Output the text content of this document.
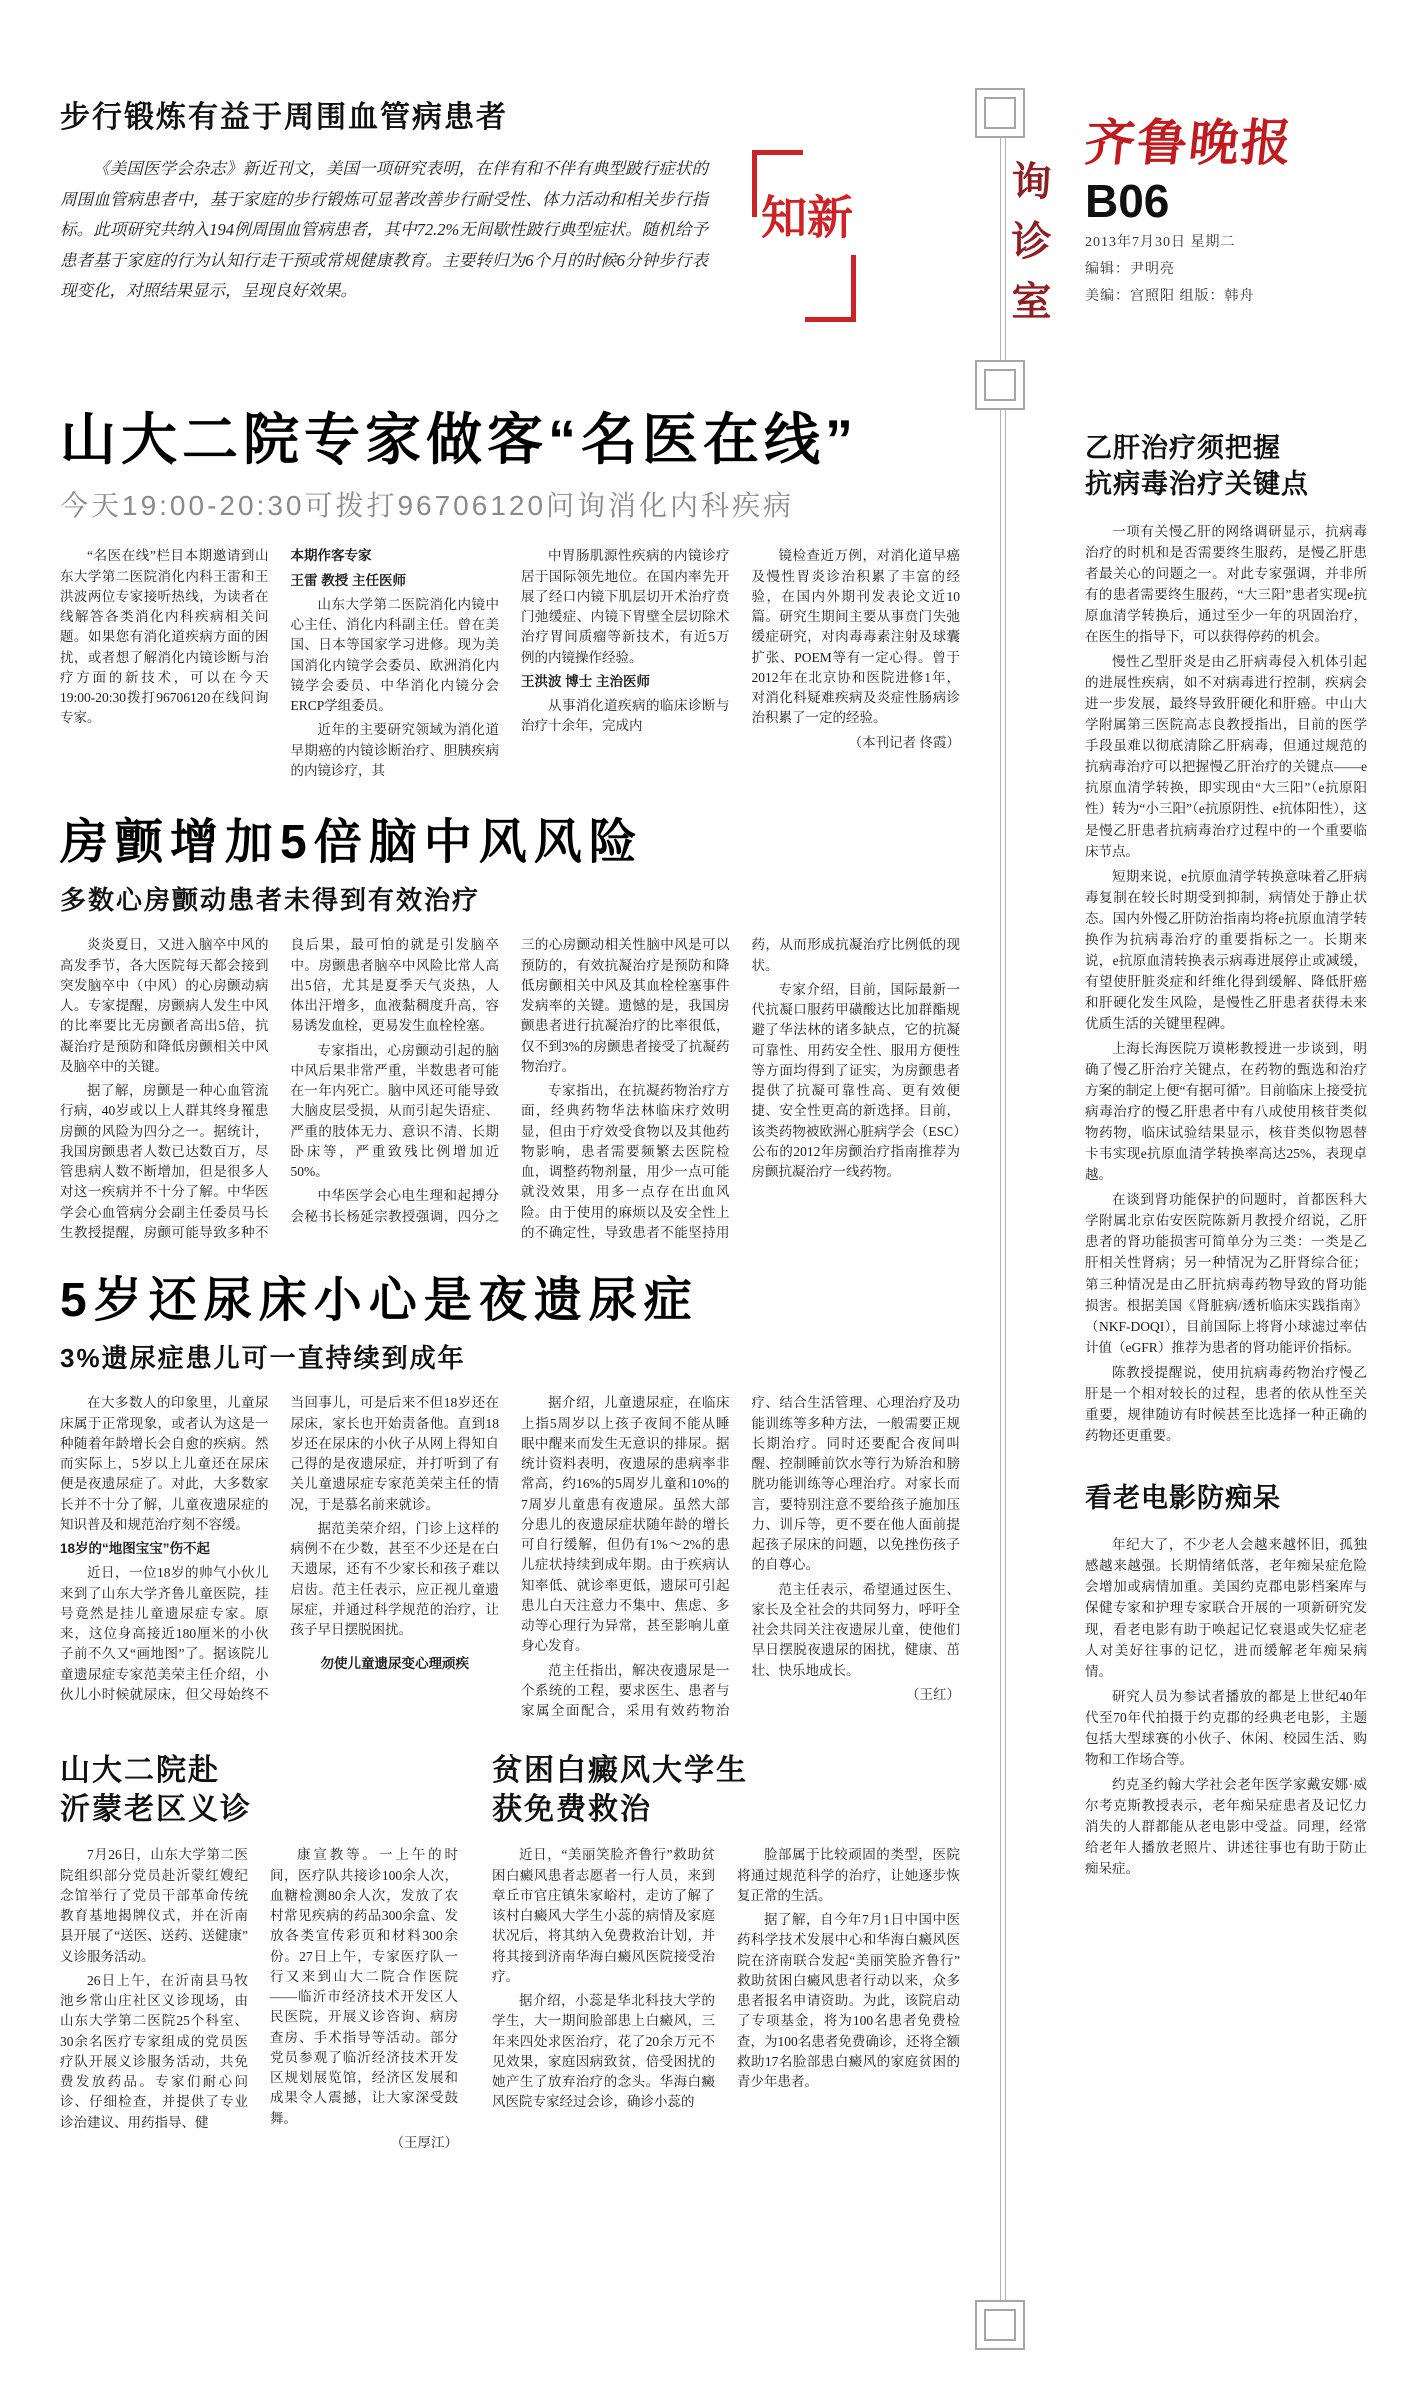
步行锻炼有益于周围血管病患者

《美国医学会杂志》新近刊文，美国一项研究表明，在伴有和不伴有典型跛行症状的周围血管病患者中，基于家庭的步行锻炼可显著改善步行耐受性、体力活动和相关步行指标。此项研究共纳入194例周围血管病患者，其中72.2%无间歇性跛行典型症状。随机给予患者基于家庭的行为认知行走干预或常规健康教育。主要转归为6个月的时候6分钟步行表现变化，对照结果显示，呈现良好效果。

新知	询诊室
齐鲁晚报
B06
2013年7月30日 星期二
编辑：尹明亮
美编：宫照阳 组版：韩舟
山大二院专家做客“名医在线”
今天19:00-20:30可拨打96706120问询消化内科疾病

“名医在线”栏目本期邀请到山东大学第二医院消化内科王雷和王洪波两位专家接听热线，为读者在线解答各类消化内科疾病相关问题。如果您有消化道疾病方面的困扰，或者想了解消化内镜诊断与治疗方面的新技术，可以在今天19:00-20:30拨打96706120在线问询专家。

本期作客专家

王雷 教授 主任医师

山东大学第二医院消化内镜中心主任、消化内科副主任。曾在美国、日本等国家学习进修。现为美国消化内镜学会委员、欧洲消化内镜学会委员、中华消化内镜分会ERCP学组委员。

近年的主要研究领域为消化道早期癌的内镜诊断治疗、胆胰疾病的内镜诊疗，其

中胃肠肌源性疾病的内镜诊疗居于国际领先地位。在国内率先开展了经口内镜下肌层切开术治疗贲门弛缓症、内镜下胃壁全层切除术治疗胃间质瘤等新技术，有近5万例的内镜操作经验。

王洪波 博士 主治医师

从事消化道疾病的临床诊断与治疗十余年，完成内

镜检查近万例，对消化道早癌及慢性胃炎诊治积累了丰富的经验，在国内外期刊发表论文近10篇。研究生期间主要从事贲门失弛缓症研究，对肉毒毒素注射及球囊扩张、POEM等有一定心得。曾于2012年在北京协和医院进修1年，对消化科疑难疾病及炎症性肠病诊治积累了一定的经验。

（本刊记者 佟霞）

房颤增加5倍脑中风风险
多数心房颤动患者未得到有效治疗

炎炎夏日，又进入脑卒中风的高发季节，各大医院每天都会接到突发脑卒中（中风）的心房颤动病人。专家提醒，房颤病人发生中风的比率要比无房颤者高出5倍，抗凝治疗是预防和降低房颤相关中风及脑卒中的关键。

据了解，房颤是一种心血管流行病，40岁或以上人群其终身罹患房颤的风险为四分之一。据统计，我国房颤患者人数已达数百万，尽管患病人数不断增加，但是很多人对这一疾病并不十分了解。中华医学会心血管病分会副主任委员马长生教授提醒，房颤可能导致多种不良后果，最可怕的就是引发脑卒中。房颤患者脑卒中风险比常人高出5倍，尤其是夏季天气炎热，人体出汗增多，血液黏稠度升高，容易诱发血栓，更易发生血栓栓塞。

专家指出，心房颤动引起的脑中风后果非常严重，半数患者可能在一年内死亡。脑中风还可能导致大脑皮层受损，从而引起失语症、严重的肢体无力、意识不清、长期卧床等，严重致残比例增加近50%。

中华医学会心电生理和起搏分会秘书长杨延宗教授强调，四分之三的心房颤动相关性脑中风是可以预防的，有效抗凝治疗是预防和降低房颤相关中风及其血栓栓塞事件发病率的关键。遗憾的是，我国房颤患者进行抗凝治疗的比率很低，仅不到3%的房颤患者接受了抗凝药物治疗。

专家指出，在抗凝药物治疗方面，经典药物华法林临床疗效明显，但由于疗效受食物以及其他药物影响，患者需要频繁去医院检血，调整药物剂量，用少一点可能就没效果，用多一点存在出血风险。由于使用的麻烦以及安全性上的不确定性，导致患者不能坚持用药，从而形成抗凝治疗比例低的现状。

专家介绍，目前，国际最新一代抗凝口服药甲磺酸达比加群酯规避了华法林的诸多缺点，它的抗凝可靠性、用药安全性、服用方便性等方面均得到了证实，为房颤患者提供了抗凝可靠性高、更有效便捷、安全性更高的新选择。目前，该类药物被欧洲心脏病学会（ESC）公布的2012年房颤治疗指南推荐为房颤抗凝治疗一线药物。

5岁还尿床小心是夜遗尿症
3%遗尿症患儿可一直持续到成年

在大多数人的印象里，儿童尿床属于正常现象，或者认为这是一种随着年龄增长会自愈的疾病。然而实际上，5岁以上儿童还在尿床便是夜遗尿症了。对此，大多数家长并不十分了解，儿童夜遗尿症的知识普及和规范治疗刻不容缓。

18岁的“地图宝宝”伤不起

近日，一位18岁的帅气小伙儿来到了山东大学齐鲁儿童医院，挂号竟然是挂儿童遗尿症专家。原来，这位身高接近180厘米的小伙子前不久又“画地图”了。据该院儿童遗尿症专家范美荣主任介绍，小伙儿小时候就尿床，但父母始终不当回事儿，可是后来不但18岁还在尿床，家长也开始责备他。直到18岁还在尿床的小伙子从网上得知自己得的是夜遗尿症，并打听到了有关儿童遗尿症专家范美荣主任的情况，于是慕名前来就诊。

据范美荣介绍，门诊上这样的病例不在少数，甚至不少还是在白天遗尿，还有不少家长和孩子难以启齿。范主任表示，应正视儿童遗尿症，并通过科学规范的治疗，让孩子早日摆脱困扰。

勿使儿童遗尿变心理顽疾

据介绍，儿童遗尿症，在临床上指5周岁以上孩子夜间不能从睡眠中醒来而发生无意识的排尿。据统计资料表明，夜遗尿的患病率非常高，约16%的5周岁儿童和10%的7周岁儿童患有夜遗尿。虽然大部分患儿的夜遗尿症状随年龄的增长可自行缓解，但仍有1%～2%的患儿症状持续到成年期。由于疾病认知率低、就诊率更低，遗尿可引起患儿白天注意力不集中、焦虑、多动等心理行为异常，甚至影响儿童身心发育。

范主任指出，解决夜遗尿是一个系统的工程，要求医生、患者与家属全面配合，采用有效药物治疗、结合生活管理、心理治疗及功能训练等多种方法，一般需要正规长期治疗。同时还要配合夜间叫醒、控制睡前饮水等行为矫治和膀胱功能训练等心理治疗。对家长而言，要特别注意不要给孩子施加压力、训斥等，更不要在他人面前提起孩子尿床的问题，以免挫伤孩子的自尊心。

范主任表示，希望通过医生、家长及全社会的共同努力，呼吁全社会共同关注夜遗尿儿童，使他们早日摆脱夜遗尿的困扰，健康、茁壮、快乐地成长。

（王红）

山大二院赴
沂蒙老区义诊

7月26日，山东大学第二医院组织部分党员赴沂蒙红嫂纪念馆举行了党员干部革命传统教育基地揭牌仪式，并在沂南县开展了“送医、送药、送健康”义诊服务活动。

26日上午，在沂南县马牧池乡常山庄社区义诊现场，由山东大学第二医院25个科室、30余名医疗专家组成的党员医疗队开展义诊服务活动，共免费发放药品。专家们耐心问诊、仔细检查，并提供了专业诊治建议、用药指导、健

康宣教等。一上午的时间，医疗队共接诊100余人次，血糖检测80余人次，发放了农村常见疾病的药品300余盒、发放各类宣传彩页和材料300余份。27日上午，专家医疗队一行又来到山大二院合作医院——临沂市经济技术开发区人民医院，开展义诊咨询、病房查房、手术指导等活动。部分党员参观了临沂经济技术开发区规划展览馆，经济区发展和成果令人震撼，让大家深受鼓舞。

（王厚江）

贫困白癜风大学生
获免费救治

近日，“美丽笑脸齐鲁行”救助贫困白癜风患者志愿者一行人员，来到章丘市官庄镇朱家峪村，走访了解了该村白癜风大学生小蕊的病情及家庭状况后，将其纳入免费救治计划，并将其接到济南华海白癜风医院接受治疗。

据介绍，小蕊是华北科技大学的学生，大一期间脸部患上白癜风，三年来四处求医治疗，花了20余万元不见效果，家庭因病致贫，倍受困扰的她产生了放弃治疗的念头。华海白癜风医院专家经过会诊，确诊小蕊的

脸部属于比较顽固的类型，医院将通过规范科学的治疗，让她逐步恢复正常的生活。

据了解，自今年7月1日中国中医药科学技术发展中心和华海白癜风医院在济南联合发起“美丽笑脸齐鲁行”救助贫困白癜风患者行动以来，众多患者报名申请资助。为此，该院启动了专项基金，将为100名患者免费检查，为100名患者免费确诊，还将全额救助17名脸部患白癜风的家庭贫困的青少年患者。

乙肝治疗须把握
抗病毒治疗关键点

一项有关慢乙肝的网络调研显示，抗病毒治疗的时机和是否需要终生服药，是慢乙肝患者最关心的问题之一。对此专家强调，并非所有的患者需要终生服药，“大三阳”患者实现e抗原血清学转换后，通过至少一年的巩固治疗，在医生的指导下，可以获得停药的机会。

慢性乙型肝炎是由乙肝病毒侵入机体引起的进展性疾病，如不对病毒进行控制，疾病会进一步发展，最终导致肝硬化和肝癌。中山大学附属第三医院高志良教授指出，目前的医学手段虽难以彻底清除乙肝病毒，但通过规范的抗病毒治疗可以把握慢乙肝治疗的关键点——e抗原血清学转换，即实现由“大三阳”（e抗原阳性）转为“小三阳”（e抗原阴性、e抗体阳性），这是慢乙肝患者抗病毒治疗过程中的一个重要临床节点。

短期来说，e抗原血清学转换意味着乙肝病毒复制在较长时期受到抑制，病情处于静止状态。国内外慢乙肝防治指南均将e抗原血清学转换作为抗病毒治疗的重要指标之一。长期来说，e抗原血清转换表示病毒进展停止或减缓，有望使肝脏炎症和纤维化得到缓解、降低肝癌和肝硬化发生风险，是慢性乙肝患者获得未来优质生活的关键里程碑。

上海长海医院万谟彬教授进一步谈到，明确了慢乙肝治疗关键点，在药物的甄选和治疗方案的制定上便“有据可循”。目前临床上接受抗病毒治疗的慢乙肝患者中有八成使用核苷类似物药物，临床试验结果显示，核苷类似物恩替卡韦实现e抗原血清学转换率高达25%，表现卓越。

在谈到肾功能保护的问题时，首都医科大学附属北京佑安医院陈新月教授介绍说，乙肝患者的肾功能损害可简单分为三类：一类是乙肝相关性肾病；另一种情况为乙肝肾综合征；第三种情况是由乙肝抗病毒药物导致的肾功能损害。根据美国《肾脏病/透析临床实践指南》（NKF-DOQI），目前国际上将肾小球滤过率估计值（eGFR）推荐为患者的肾功能评价指标。

陈教授提醒说，使用抗病毒药物治疗慢乙肝是一个相对较长的过程，患者的依从性至关重要，规律随访有时候甚至比选择一种正确的药物还更重要。

看老电影防痴呆

年纪大了，不少老人会越来越怀旧，孤独感越来越强。长期情绪低落，老年痴呆症危险会增加或病情加重。美国约克郡电影档案库与保健专家和护理专家联合开展的一项新研究发现，看老电影有助于唤起记忆衰退或失忆症老人对美好往事的记忆，进而缓解老年痴呆病情。

研究人员为参试者播放的都是上世纪40年代至70年代拍摄于约克郡的经典老电影，主题包括大型球赛的小伙子、休闲、校园生活、购物和工作场合等。

约克圣约翰大学社会老年医学家戴安娜·威尔考克斯教授表示，老年痴呆症患者及记忆力消失的人群都能从老电影中受益。同理，经常给老年人播放老照片、讲述往事也有助于防止痴呆症。
